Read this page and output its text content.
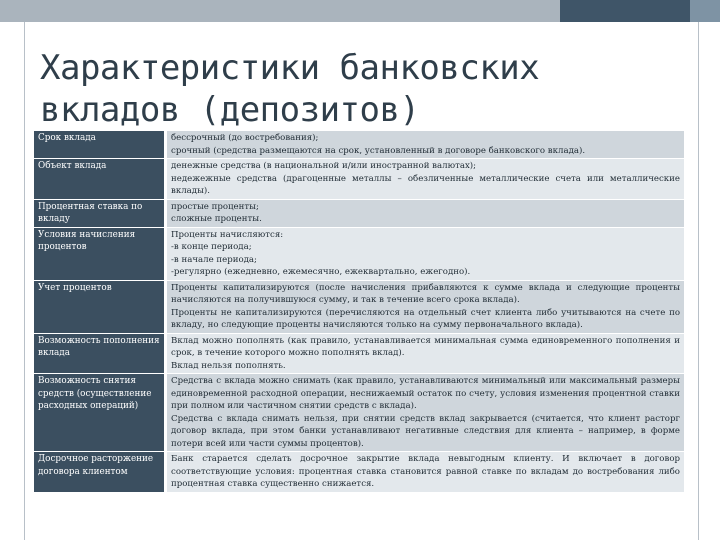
Характеристики банковских вкладов (депозитов)
Срок вклада		бессрочный (до востребования);
срочный (средства размещаются на срок, установленный в договоре банковского вклада).

Объект вклада		денежные средства (в национальной и/или иностранной валютах);
недежежные средства (драгоценные металлы – обезличенные металлические счета или металлические вклады).

Процентная ставка по вкладу		простые проценты;
сложные проценты.

Условия начисления процентов		Проценты начисляются:
-в конце периода;
-в начале периода;
-регулярно (ежедневно, ежемесячно, ежеквартально, ежегодно).

Учет процентов		Проценты капитализируются (после начисления прибавляются к сумме вклада и следующие проценты начисляются на получившуюся сумму, и так в течение всего срока вклада).
Проценты не капитализируются (перечисляются на отдельный счет клиента либо учитываются на счете по вкладу, но следующие проценты начисляются только на сумму первоначального вклада).

Возможность пополнения вклада		Вклад можно пополнять (как правило, устанавливается минимальная сумма единовременного пополнения и срок, в течение которого можно пополнять вклад).
Вклад нельзя пополнять.

Возможность снятия средств (осуществление расходных операций)		Средства с вклада можно снимать (как правило, устанавливаются минимальный или максимальный размеры единовременной расходной операции, неснижаемый остаток по счету, условия изменения процентной ставки при полном или частичном снятии средств с вклада).
Средства с вклада снимать нельзя, при снятии средств вклад закрывается (считается, что клиент расторг договор вклада, при этом банки устанавливают негативные следствия для клиента – например, в форме потери всей или части суммы процентов).

Досрочное расторжение договора клиентом		Банк старается сделать досрочное закрытие вклада невыгодным клиенту. И включает в договор соответствующие условия: процентная ставка становится равной ставке по вкладам до востребования либо процентная ставка существенно снижается.
